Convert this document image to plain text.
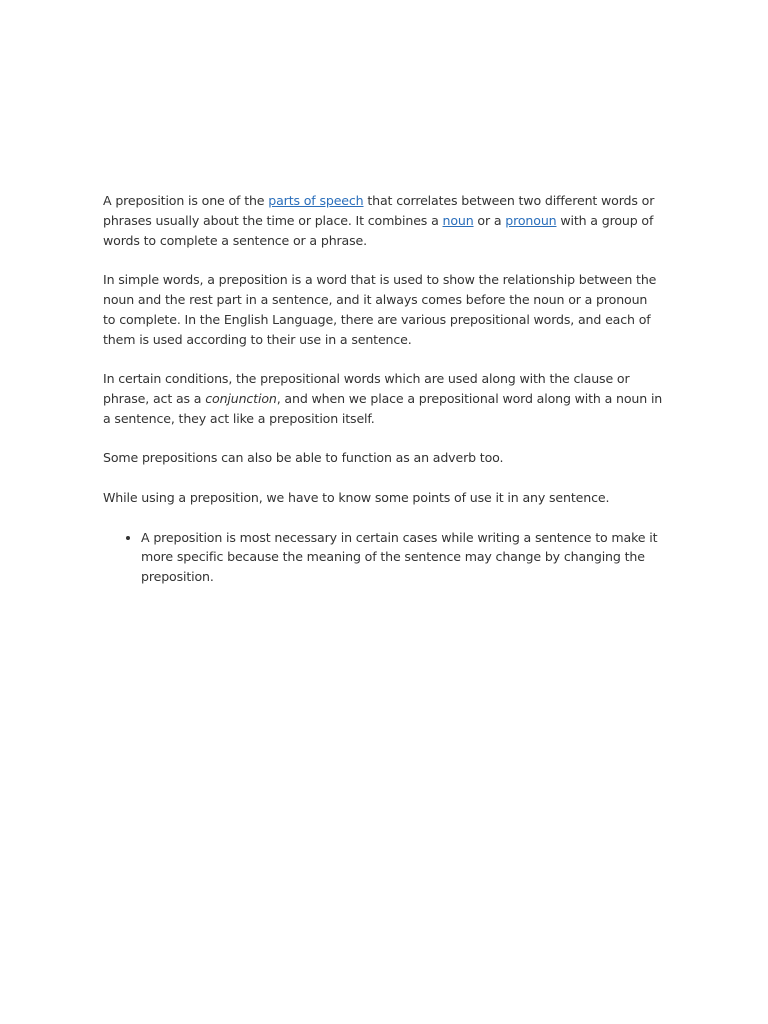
A preposition is one of the parts of speech that correlates between two different words or phrases usually about the time or place. It combines a noun or a pronoun with a group of words to complete a sentence or a phrase.

In simple words, a preposition is a word that is used to show the relationship between the noun and the rest part in a sentence, and it always comes before the noun or a pronoun to complete. In the English Language, there are various prepositional words, and each of them is used according to their use in a sentence.

In certain conditions, the prepositional words which are used along with the clause or phrase, act as a conjunction, and when we place a prepositional word along with a noun in a sentence, they act like a preposition itself.

Some prepositions can also be able to function as an adverb too.

While using a preposition, we have to know some points of use it in any sentence.

• A preposition is most necessary in certain cases while writing a sentence to make it more specific because the meaning of the sentence may change by changing the preposition.
